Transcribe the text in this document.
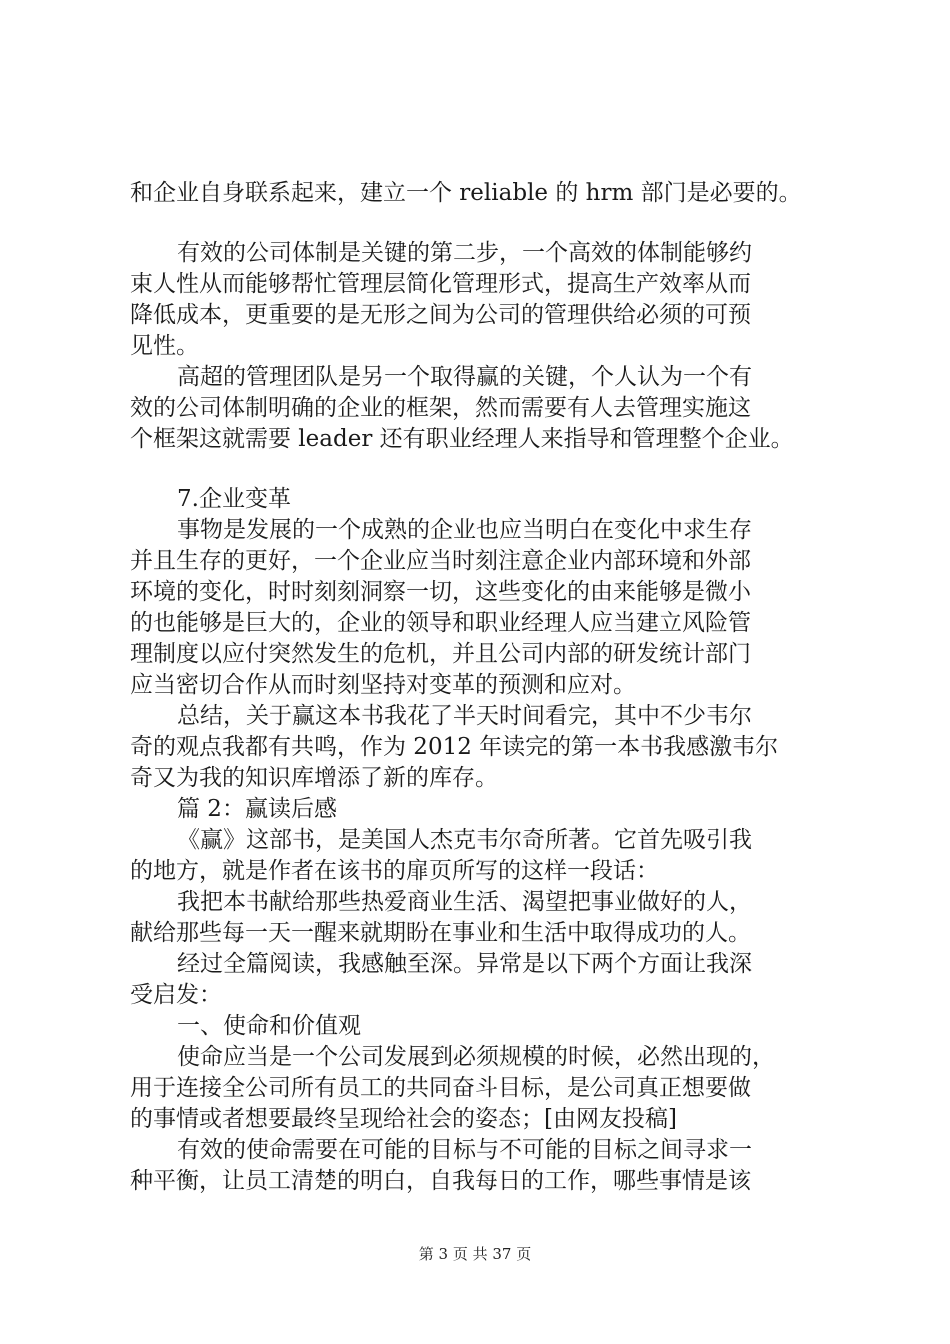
和企业自身联系起来，建立一个 reliable 的 hrm 部门是必要的。
有效的公司体制是关键的第二步，一个高效的体制能够约
束人性从而能够帮忙管理层简化管理形式，提高生产效率从而
降低成本，更重要的是无形之间为公司的管理供给必须的可预
见性。
高超的管理团队是另一个取得赢的关键，个人认为一个有
效的公司体制明确的企业的框架，然而需要有人去管理实施这
个框架这就需要 leader 还有职业经理人来指导和管理整个企业。
7.企业变革
事物是发展的一个成熟的企业也应当明白在变化中求生存
并且生存的更好，一个企业应当时刻注意企业内部环境和外部
环境的变化，时时刻刻洞察一切，这些变化的由来能够是微小
的也能够是巨大的，企业的领导和职业经理人应当建立风险管
理制度以应付突然发生的危机，并且公司内部的研发统计部门
应当密切合作从而时刻坚持对变革的预测和应对。
总结，关于赢这本书我花了半天时间看完，其中不少韦尔
奇的观点我都有共鸣，作为 2012 年读完的第一本书我感激韦尔
奇又为我的知识库增添了新的库存。
篇 2：赢读后感
《赢》这部书，是美国人杰克韦尔奇所著。它首先吸引我
的地方，就是作者在该书的扉页所写的这样一段话：
我把本书献给那些热爱商业生活、渴望把事业做好的人，
献给那些每一天一醒来就期盼在事业和生活中取得成功的人。
经过全篇阅读，我感触至深。异常是以下两个方面让我深
受启发：
一、使命和价值观
使命应当是一个公司发展到必须规模的时候，必然出现的，
用于连接全公司所有员工的共同奋斗目标，是公司真正想要做
的事情或者想要最终呈现给社会的姿态；[由网友投稿]
有效的使命需要在可能的目标与不可能的目标之间寻求一
种平衡，让员工清楚的明白，自我每日的工作，哪些事情是该
第 3 页 共 37 页
